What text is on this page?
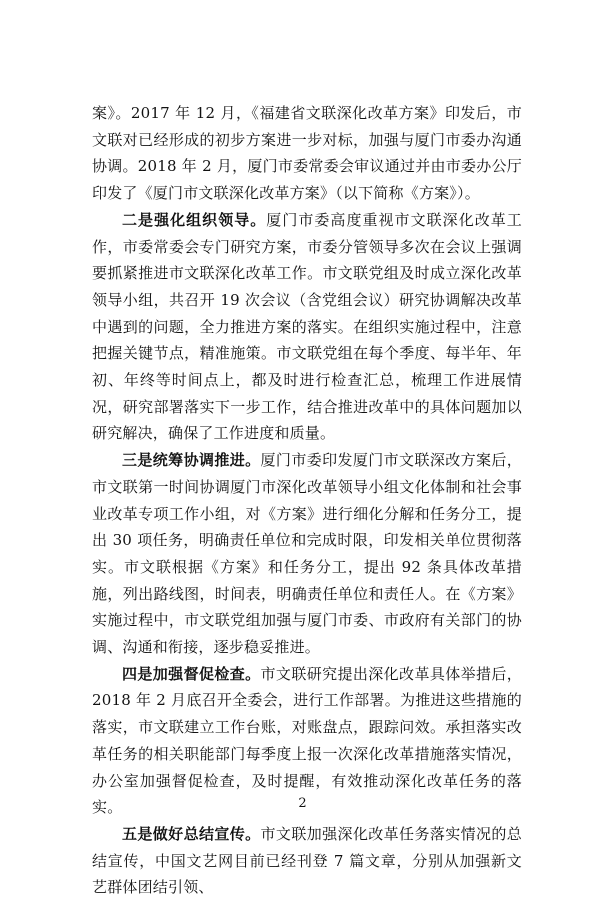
案》。2017 年 12 月，《福建省文联深化改革方案》印发后，市文联对已经形成的初步方案进一步对标，加强与厦门市委办沟通协调。2018 年 2 月，厦门市委常委会审议通过并由市委办公厅印发了《厦门市文联深化改革方案》（以下简称《方案》）。

二是强化组织领导。厦门市委高度重视市文联深化改革工作，市委常委会专门研究方案，市委分管领导多次在会议上强调要抓紧推进市文联深化改革工作。市文联党组及时成立深化改革领导小组，共召开 19 次会议（含党组会议）研究协调解决改革中遇到的问题，全力推进方案的落实。在组织实施过程中，注意把握关键节点，精准施策。市文联党组在每个季度、每半年、年初、年终等时间点上，都及时进行检查汇总，梳理工作进展情况，研究部署落实下一步工作，结合推进改革中的具体问题加以研究解决，确保了工作进度和质量。

三是统筹协调推进。厦门市委印发厦门市文联深改方案后，市文联第一时间协调厦门市深化改革领导小组文化体制和社会事业改革专项工作小组，对《方案》进行细化分解和任务分工，提出 30 项任务，明确责任单位和完成时限，印发相关单位贯彻落实。市文联根据《方案》和任务分工，提出 92 条具体改革措施，列出路线图，时间表，明确责任单位和责任人。在《方案》实施过程中，市文联党组加强与厦门市委、市政府有关部门的协调、沟通和衔接，逐步稳妥推进。

四是加强督促检查。市文联研究提出深化改革具体举措后，2018 年 2 月底召开全委会，进行工作部署。为推进这些措施的落实，市文联建立工作台账，对账盘点，跟踪问效。承担落实改革任务的相关职能部门每季度上报一次深化改革措施落实情况，办公室加强督促检查，及时提醒，有效推动深化改革任务的落实。

五是做好总结宣传。市文联加强深化改革任务落实情况的总结宣传，中国文艺网目前已经刊登 7 篇文章，分别从加强新文艺群体团结引领、

2
